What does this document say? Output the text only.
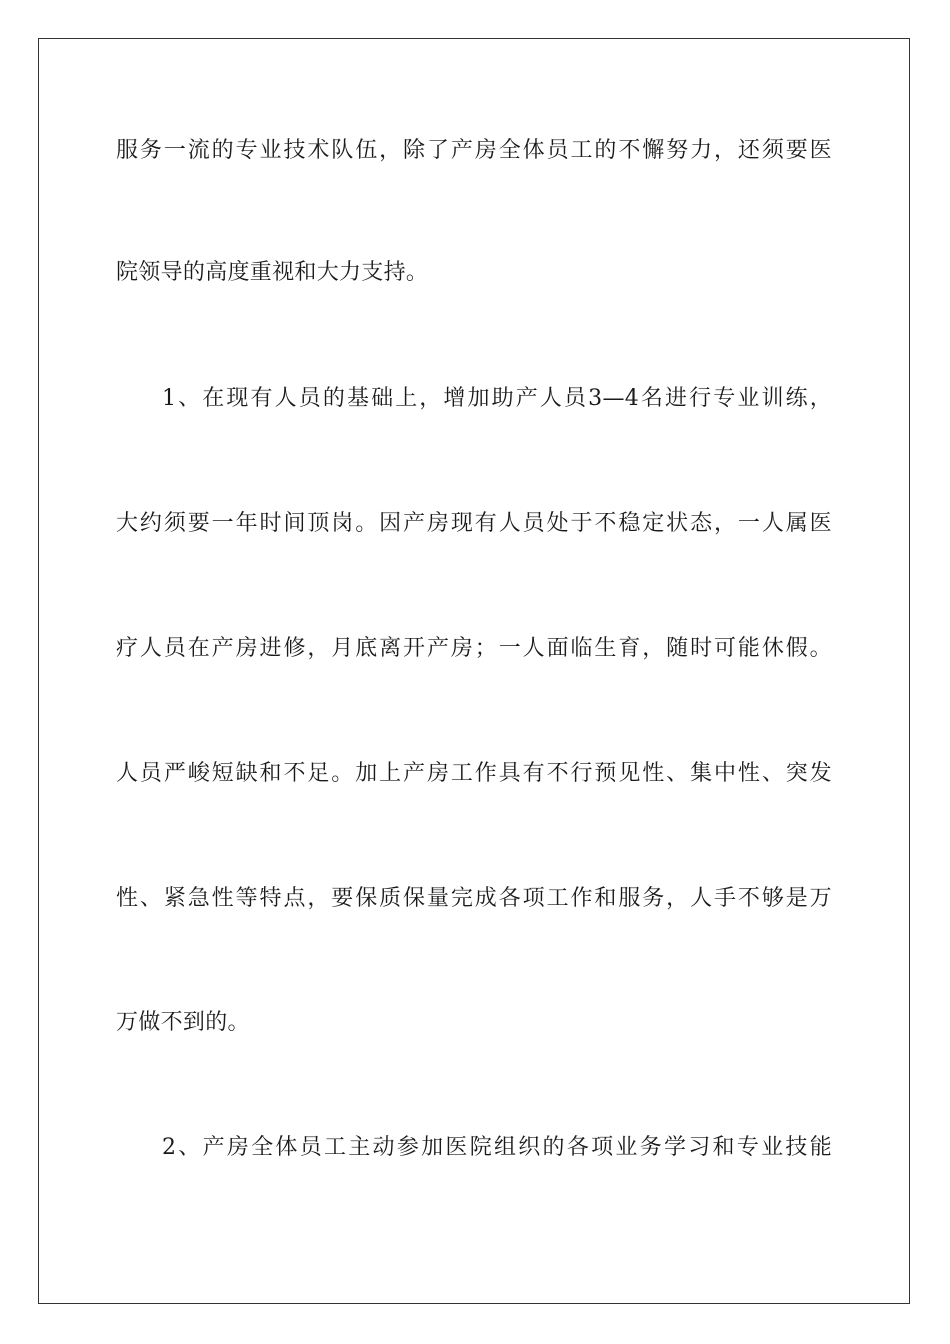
服务一流的专业技术队伍，除了产房全体员工的不懈努力，还须要医
院领导的高度重视和大力支持。
1、在现有人员的基础上，增加助产人员3—4名进行专业训练，
大约须要一年时间顶岗。因产房现有人员处于不稳定状态，一人属医
疗人员在产房进修，月底离开产房；一人面临生育，随时可能休假。
人员严峻短缺和不足。加上产房工作具有不行预见性、集中性、突发
性、紧急性等特点，要保质保量完成各项工作和服务，人手不够是万
万做不到的。
2、产房全体员工主动参加医院组织的各项业务学习和专业技能
